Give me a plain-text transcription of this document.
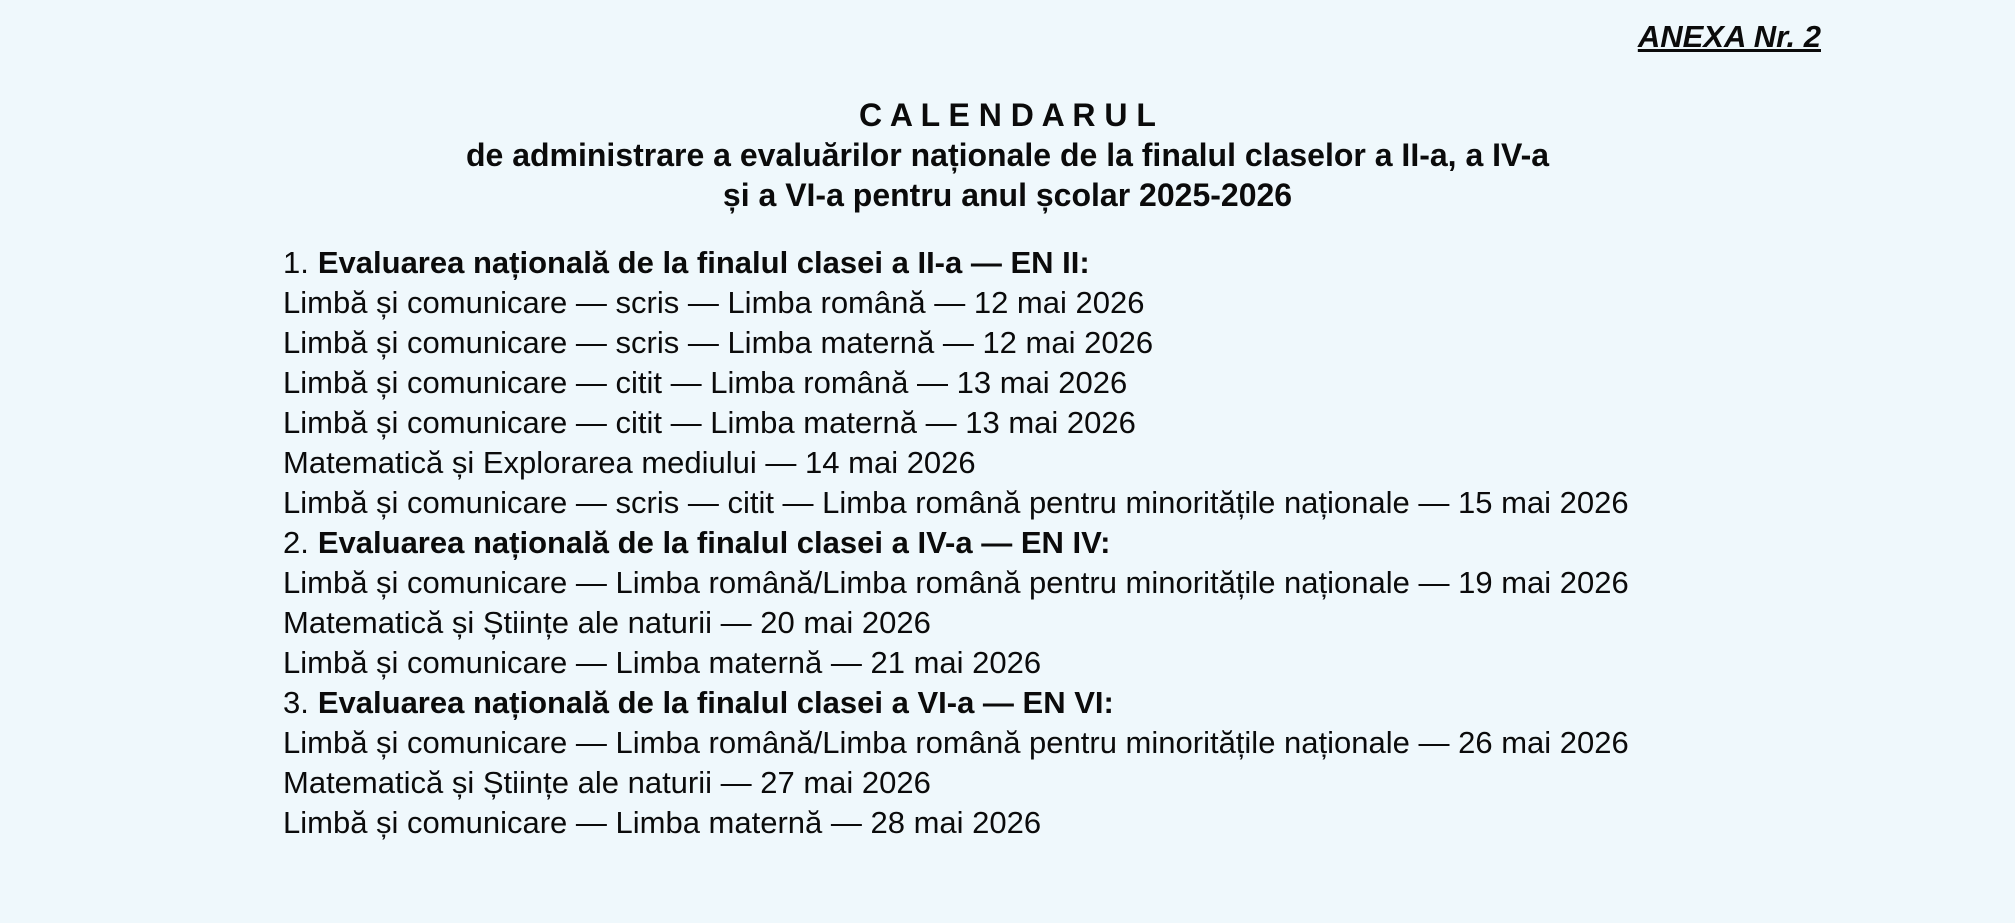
ANEXA Nr. 2
C A L E N D A R U L
de administrare a evaluărilor naționale de la finalul claselor a II-a, a IV-a
și a VI-a pentru anul școlar 2025-2026
1. Evaluarea națională de la finalul clasei a II-a — EN II:
Limbă și comunicare — scris — Limba română — 12 mai 2026
Limbă și comunicare — scris — Limba maternă — 12 mai 2026
Limbă și comunicare — citit — Limba română — 13 mai 2026
Limbă și comunicare — citit — Limba maternă — 13 mai 2026
Matematică și Explorarea mediului — 14 mai 2026
Limbă și comunicare — scris — citit — Limba română pentru minoritățile naționale — 15 mai 2026
2. Evaluarea națională de la finalul clasei a IV-a — EN IV:
Limbă și comunicare — Limba română/Limba română pentru minoritățile naționale — 19 mai 2026
Matematică și Științe ale naturii — 20 mai 2026
Limbă și comunicare — Limba maternă — 21 mai 2026
3. Evaluarea națională de la finalul clasei a VI-a — EN VI:
Limbă și comunicare — Limba română/Limba română pentru minoritățile naționale — 26 mai 2026
Matematică și Științe ale naturii — 27 mai 2026
Limbă și comunicare — Limba maternă — 28 mai 2026
